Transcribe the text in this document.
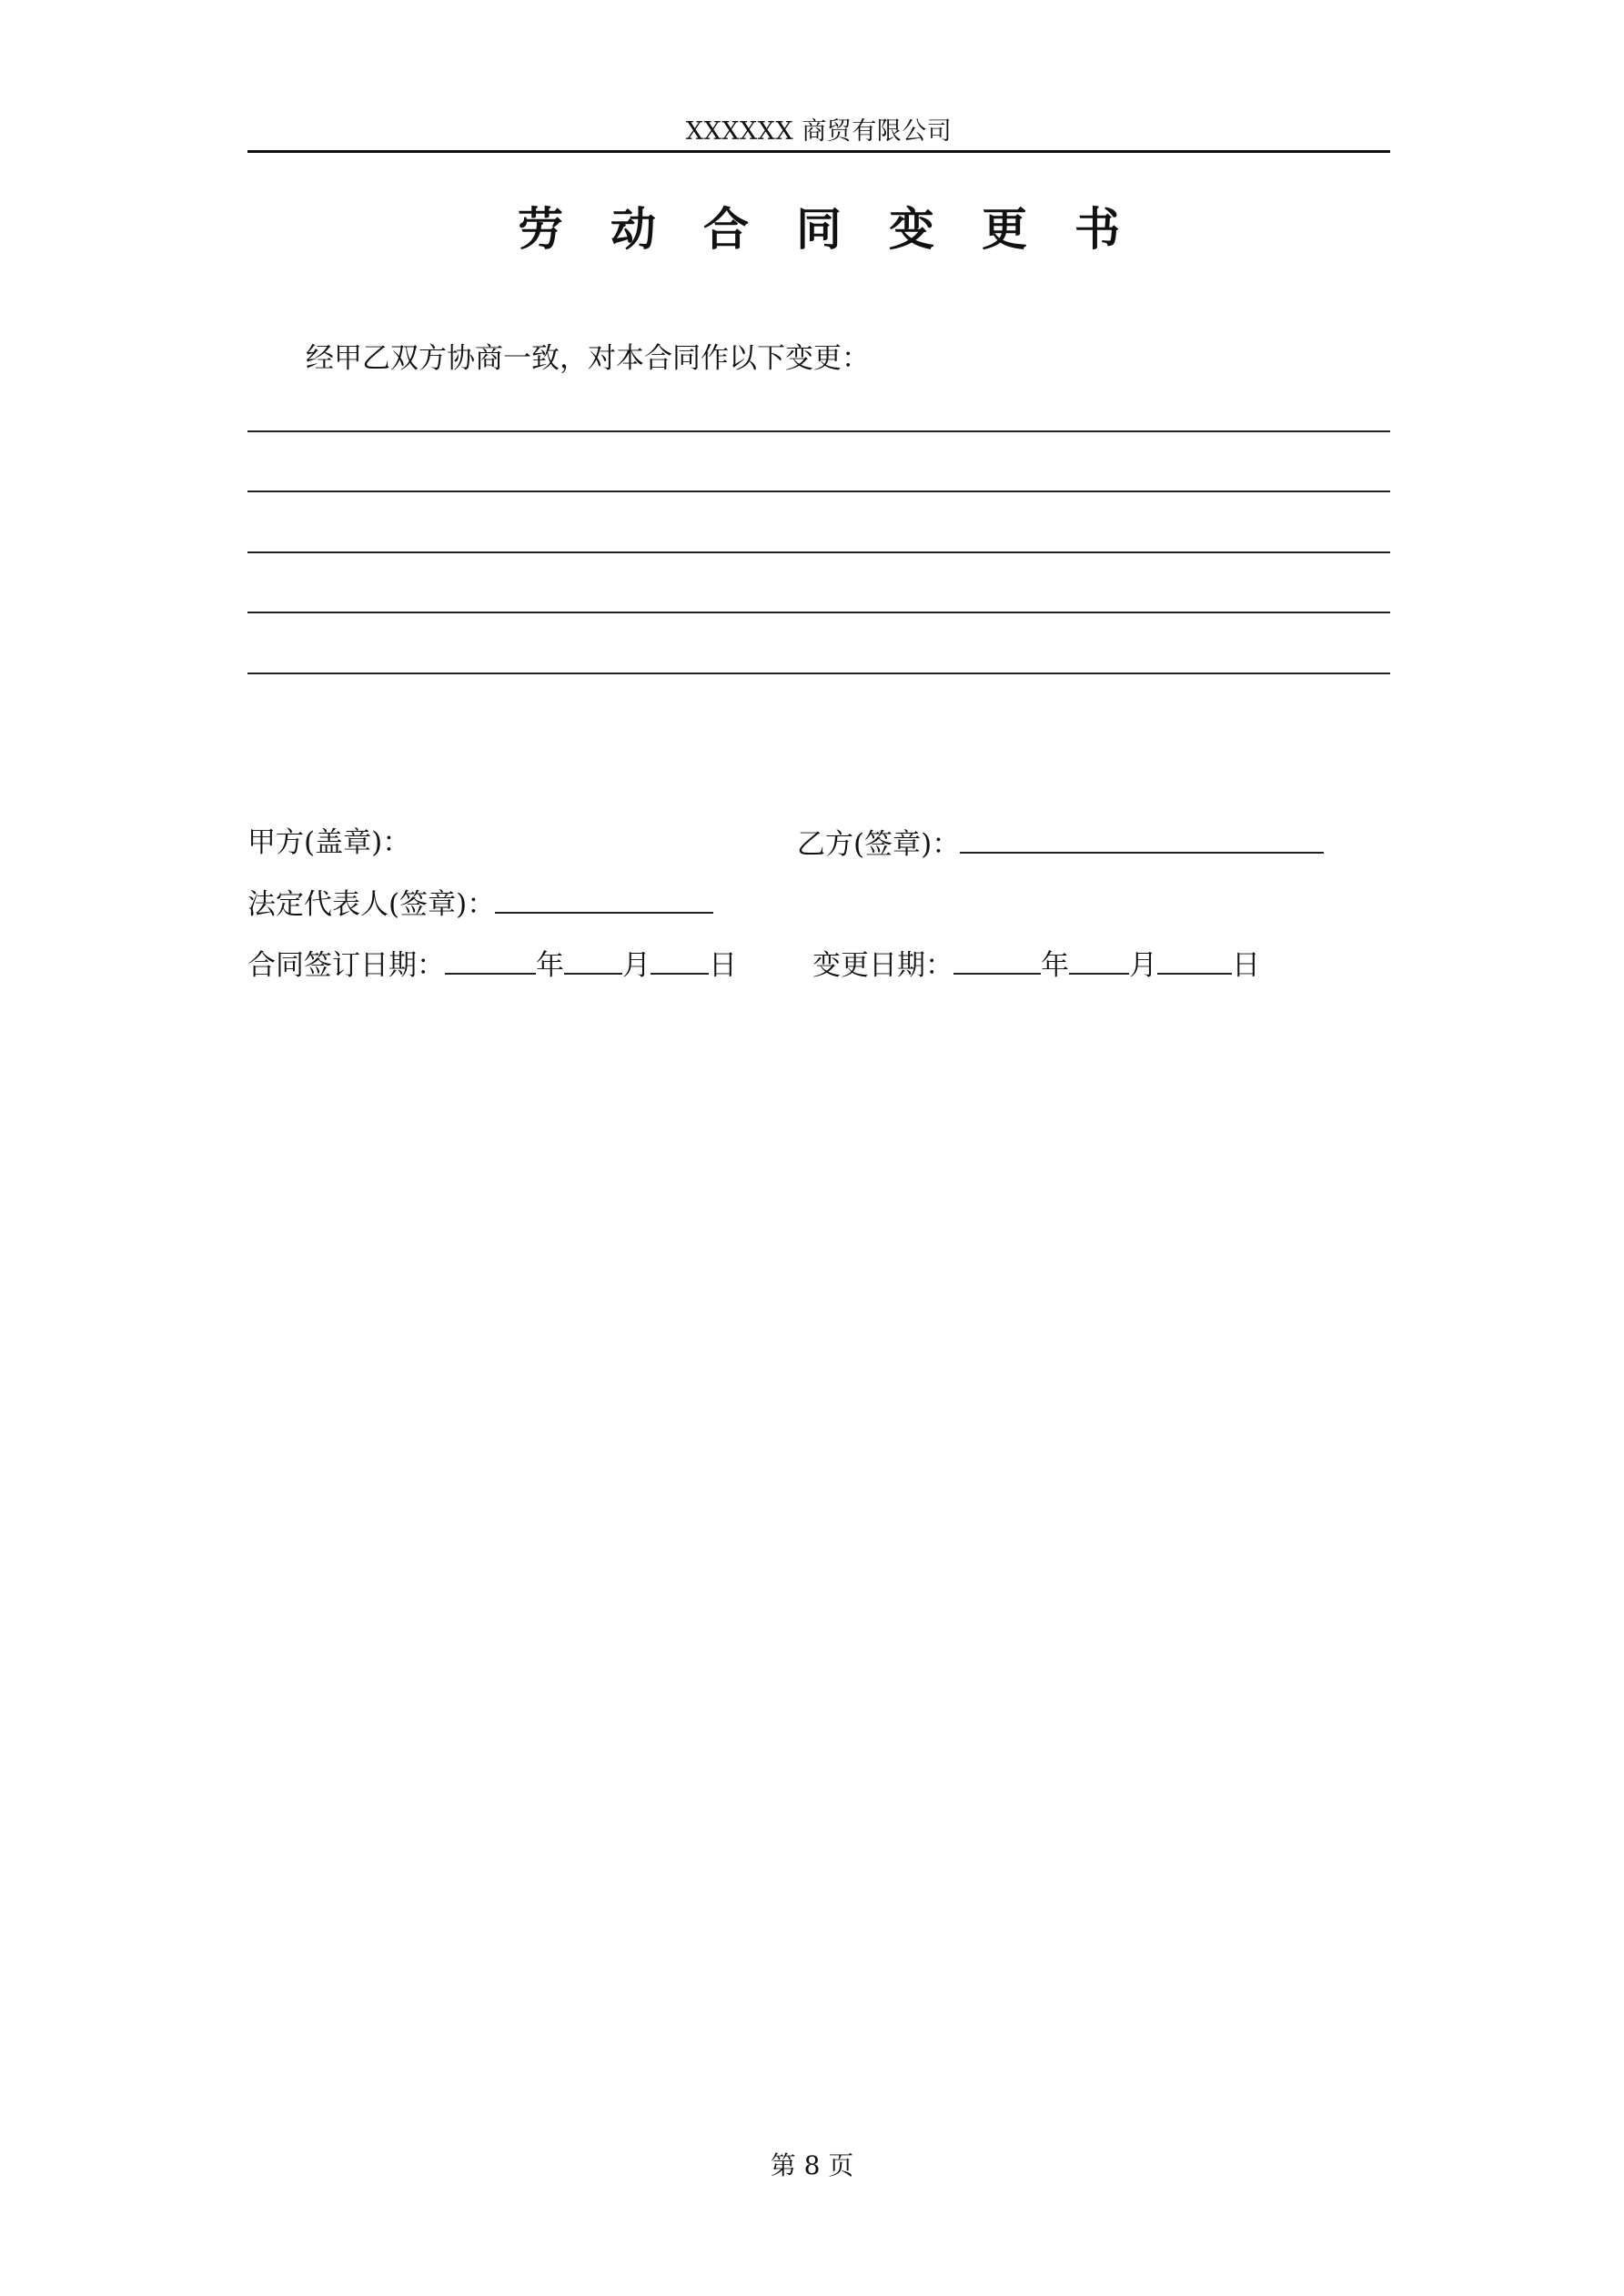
XXXXXX 商贸有限公司
劳动合同变更书
经甲乙双方协商一致，对本合同作以下变更：
甲方(盖章)：	乙方(签章)：
法定代表人(签章)：
合同签订日期：	年 月 日	变更日期：	年 月	日
第 8 页
